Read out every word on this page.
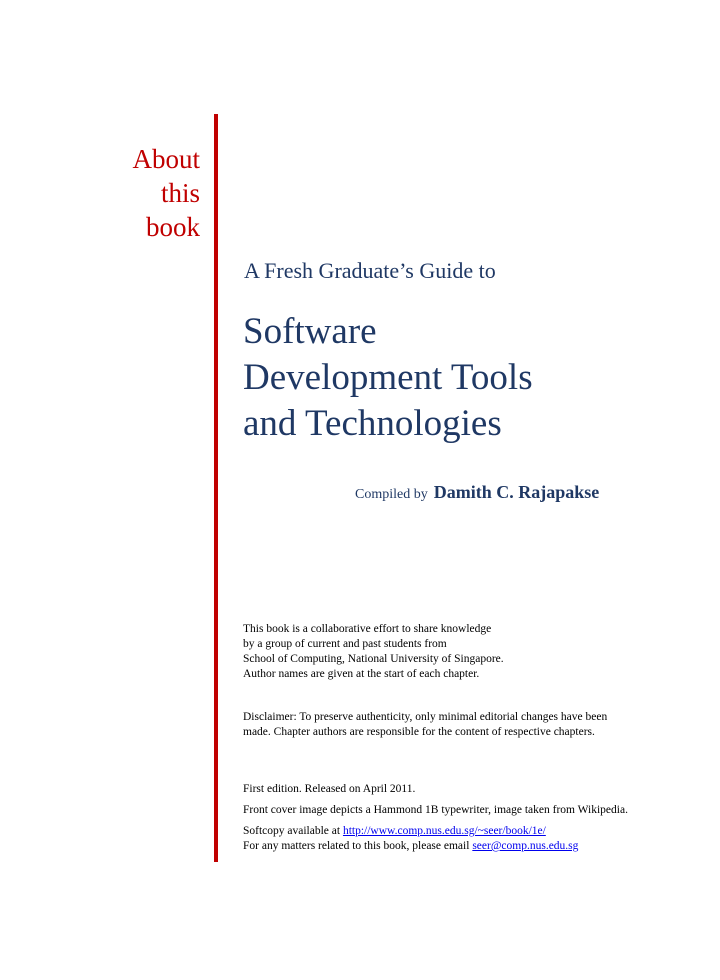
About
this
book
A Fresh Graduate’s Guide to
Software
Development Tools
and Technologies
Compiled by Damith C. Rajapakse
This book is a collaborative effort to share knowledge
by a group of current and past students from
School of Computing, National University of Singapore.
Author names are given at the start of each chapter.
Disclaimer: To preserve authenticity, only minimal editorial changes have been made. Chapter authors are responsible for the content of respective chapters.
First edition. Released on April 2011.
Front cover image depicts a Hammond 1B typewriter, image taken from Wikipedia.
Softcopy available at http://www.comp.nus.edu.sg/~seer/book/1e/
For any matters related to this book, please email seer@comp.nus.edu.sg
